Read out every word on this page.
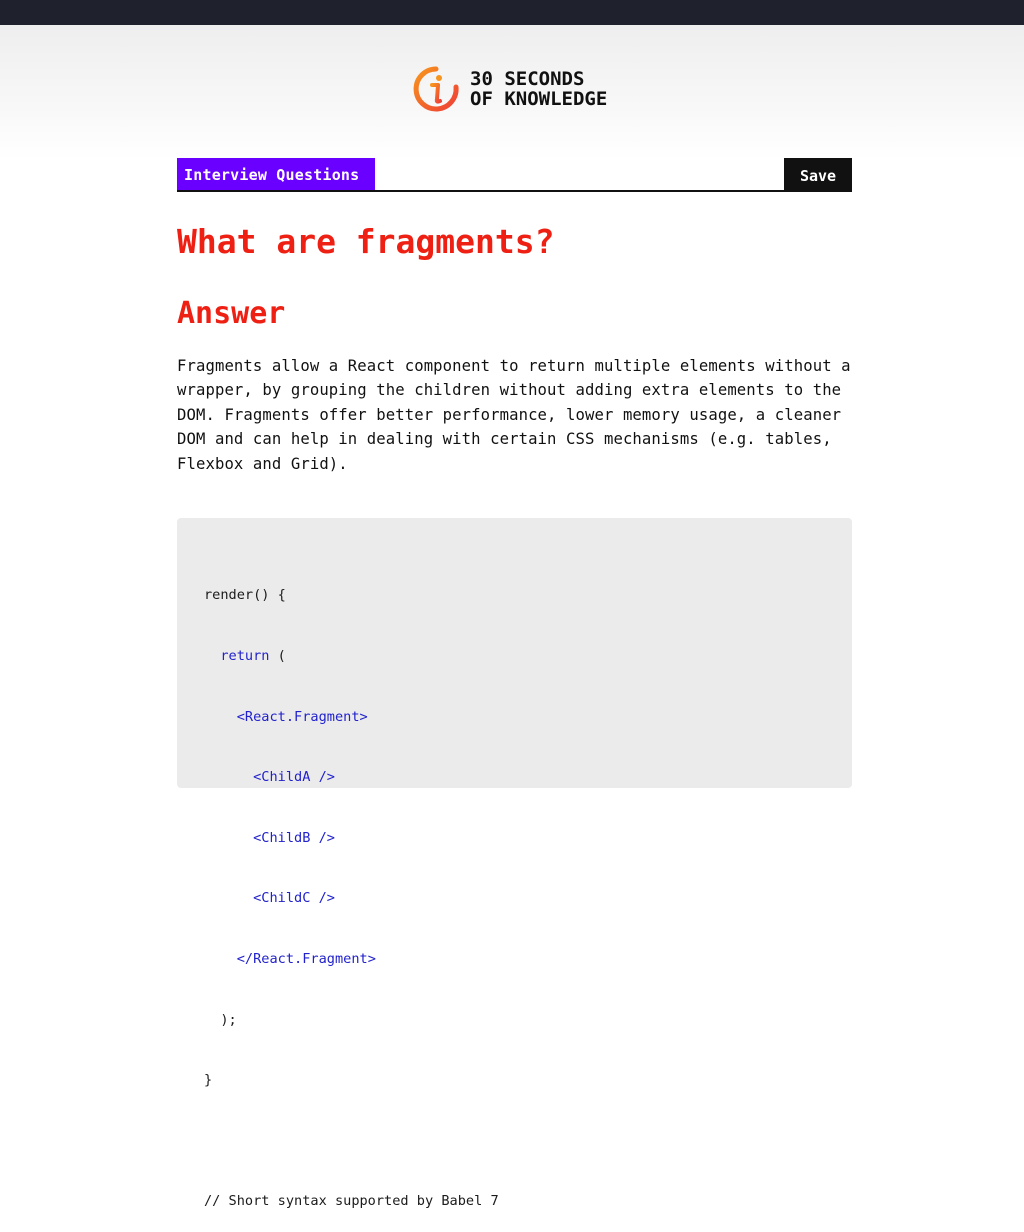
30 SECONDS
OF KNOWLEDGE
Interview Questions	Save
What are fragments?
Answer

Fragments allow a React component to return multiple elements without a wrapper, by grouping the children without adding extra elements to the DOM. Fragments offer better performance, lower memory usage, a cleaner DOM and can help in dealing with certain CSS mechanisms (e.g. tables, Flexbox and Grid).

render() {

return (

<React.Fragment>

<ChildA />

<ChildB />

<ChildC />

</React.Fragment>

);

}

// Short syntax supported by Babel 7
